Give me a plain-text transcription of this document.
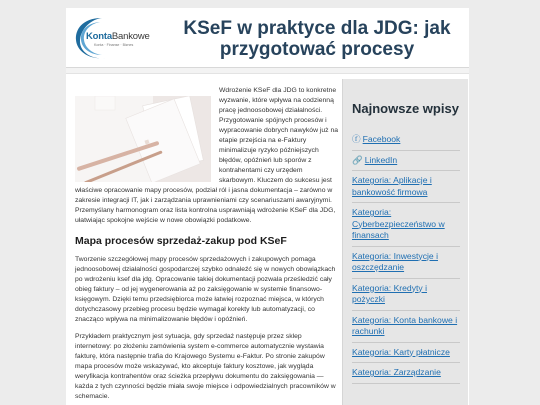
KontaBankowe
Konta · Finanse · Biznes
KSeF w praktyce dla JDG: jak przygotować procesy

Wdrożenie KSeF dla JDG to konkretne wyzwanie, które wpływa na codzienną pracę jednoosobowej działalności. Przygotowanie spójnych procesów i wypracowanie dobrych nawyków już na etapie przejścia na e-Faktury minimalizuje ryzyko późniejszych błędów, opóźnień lub sporów z kontrahentami czy urzędem skarbowym. Kluczem do sukcesu jest właściwe opracowanie mapy procesów, podział ról i jasna dokumentacja – zarówno w zakresie integracji IT, jak i zarządzania uprawnieniami czy scenariuszami awaryjnymi. Przemyślany harmonogram oraz lista kontrolna usprawniają wdrożenie KSeF dla JDG, ułatwiając spokojne wejście w nowe obowiązki podatkowe.

Mapa procesów sprzedaż-zakup pod KSeF

Tworzenie szczegółowej mapy procesów sprzedażowych i zakupowych pomaga jednoosobowej działalności gospodarczej szybko odnaleźć się w nowych obowiązkach po wdrożeniu ksef dla jdg. Opracowanie takiej dokumentacji pozwala prześledzić cały obieg faktury – od jej wygenerowania aż po zaksięgowanie w systemie finansowo-księgowym. Dzięki temu przedsiębiorca może łatwiej rozpoznać miejsca, w których dotychczasowy przebieg procesu będzie wymagał korekty lub automatyzacji, co znacząco wpływa na minimalizowanie błędów i opóźnień.

Przykładem praktycznym jest sytuacja, gdy sprzedaż następuje przez sklep internetowy: po złożeniu zamówienia system e-commerce automatycznie wystawia fakturę, która następnie trafia do Krajowego Systemu e-Faktur. Po stronie zakupów mapa procesów może wskazywać, kto akceptuje faktury kosztowe, jak wygląda weryfikacja kontrahentów oraz ścieżka przepływu dokumentu do zaksięgowania — każda z tych czynności będzie miała swoje miejsce i odpowiedzialnych pracowników w schemacie.

Najnowsze wpisy
ⓕ Facebook
🔗 LinkedIn
Kategoria: Aplikacje i bankowość firmowa
Kategoria: Cyberbezpieczeństwo w finansach
Kategoria: Inwestycje i oszczędzanie
Kategoria: Kredyty i pożyczki
Kategoria: Konta bankowe i rachunki
Kategoria: Karty płatnicze
Kategoria: Zarządzanie
